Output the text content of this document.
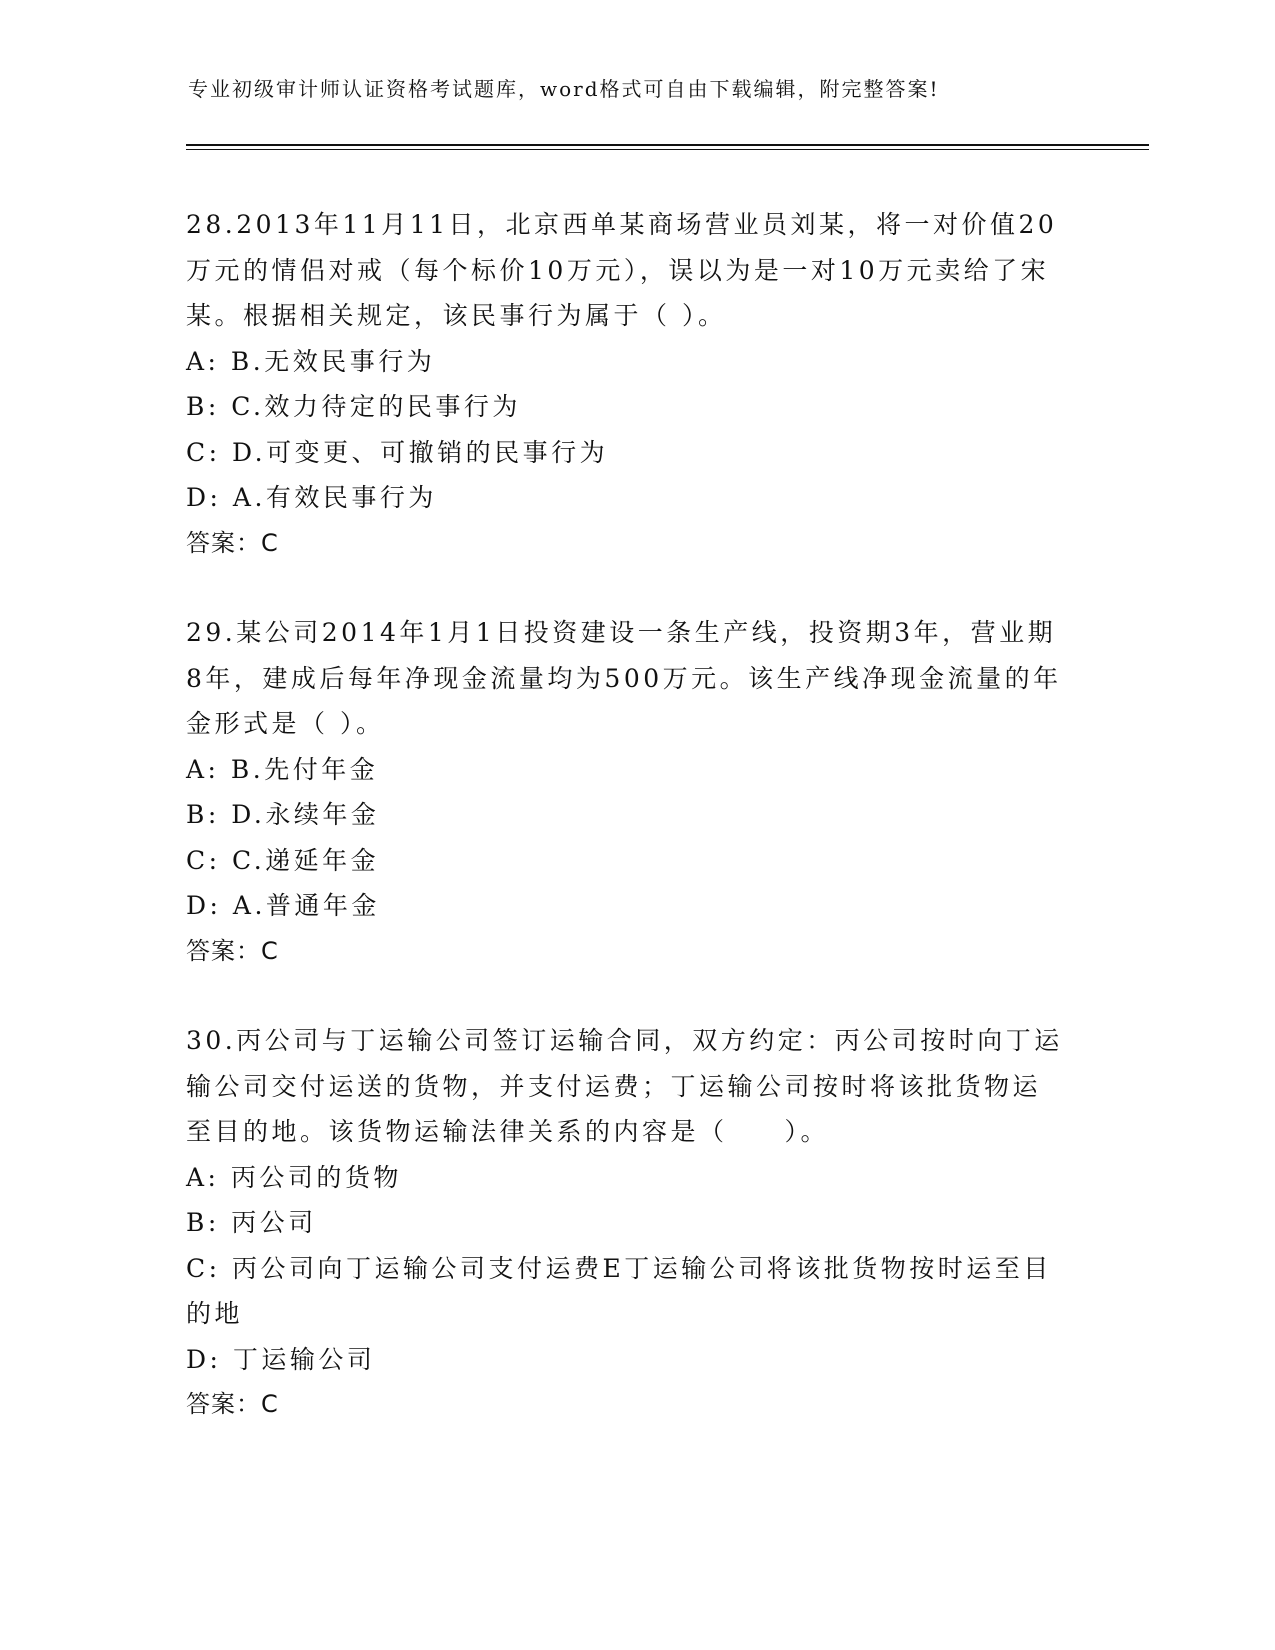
专业初级审计师认证资格考试题库，word格式可自由下载编辑，附完整答案!

28.2013年11月11日，北京西单某商场营业员刘某，将一对价值20万元的情侣对戒（每个标价10万元），误以为是一对10万元卖给了宋某。根据相关规定，该民事行为属于（ ）。

A: B.无效民事行为

B: C.效力待定的民事行为

C: D.可变更、可撤销的民事行为

D: A.有效民事行为

答案：C

29.某公司2014年1月1日投资建设一条生产线，投资期3年，营业期8年，建成后每年净现金流量均为500万元。该生产线净现金流量的年金形式是（ ）。

A: B.先付年金

B: D.永续年金

C: C.递延年金

D: A.普通年金

答案：C

30.丙公司与丁运输公司签订运输合同，双方约定：丙公司按时向丁运输公司交付运送的货物，并支付运费；丁运输公司按时将该批货物运至目的地。该货物运输法律关系的内容是（　　）。

A: 丙公司的货物

B: 丙公司

C: 丙公司向丁运输公司支付运费E丁运输公司将该批货物按时运至目的地

D: 丁运输公司

答案：C
